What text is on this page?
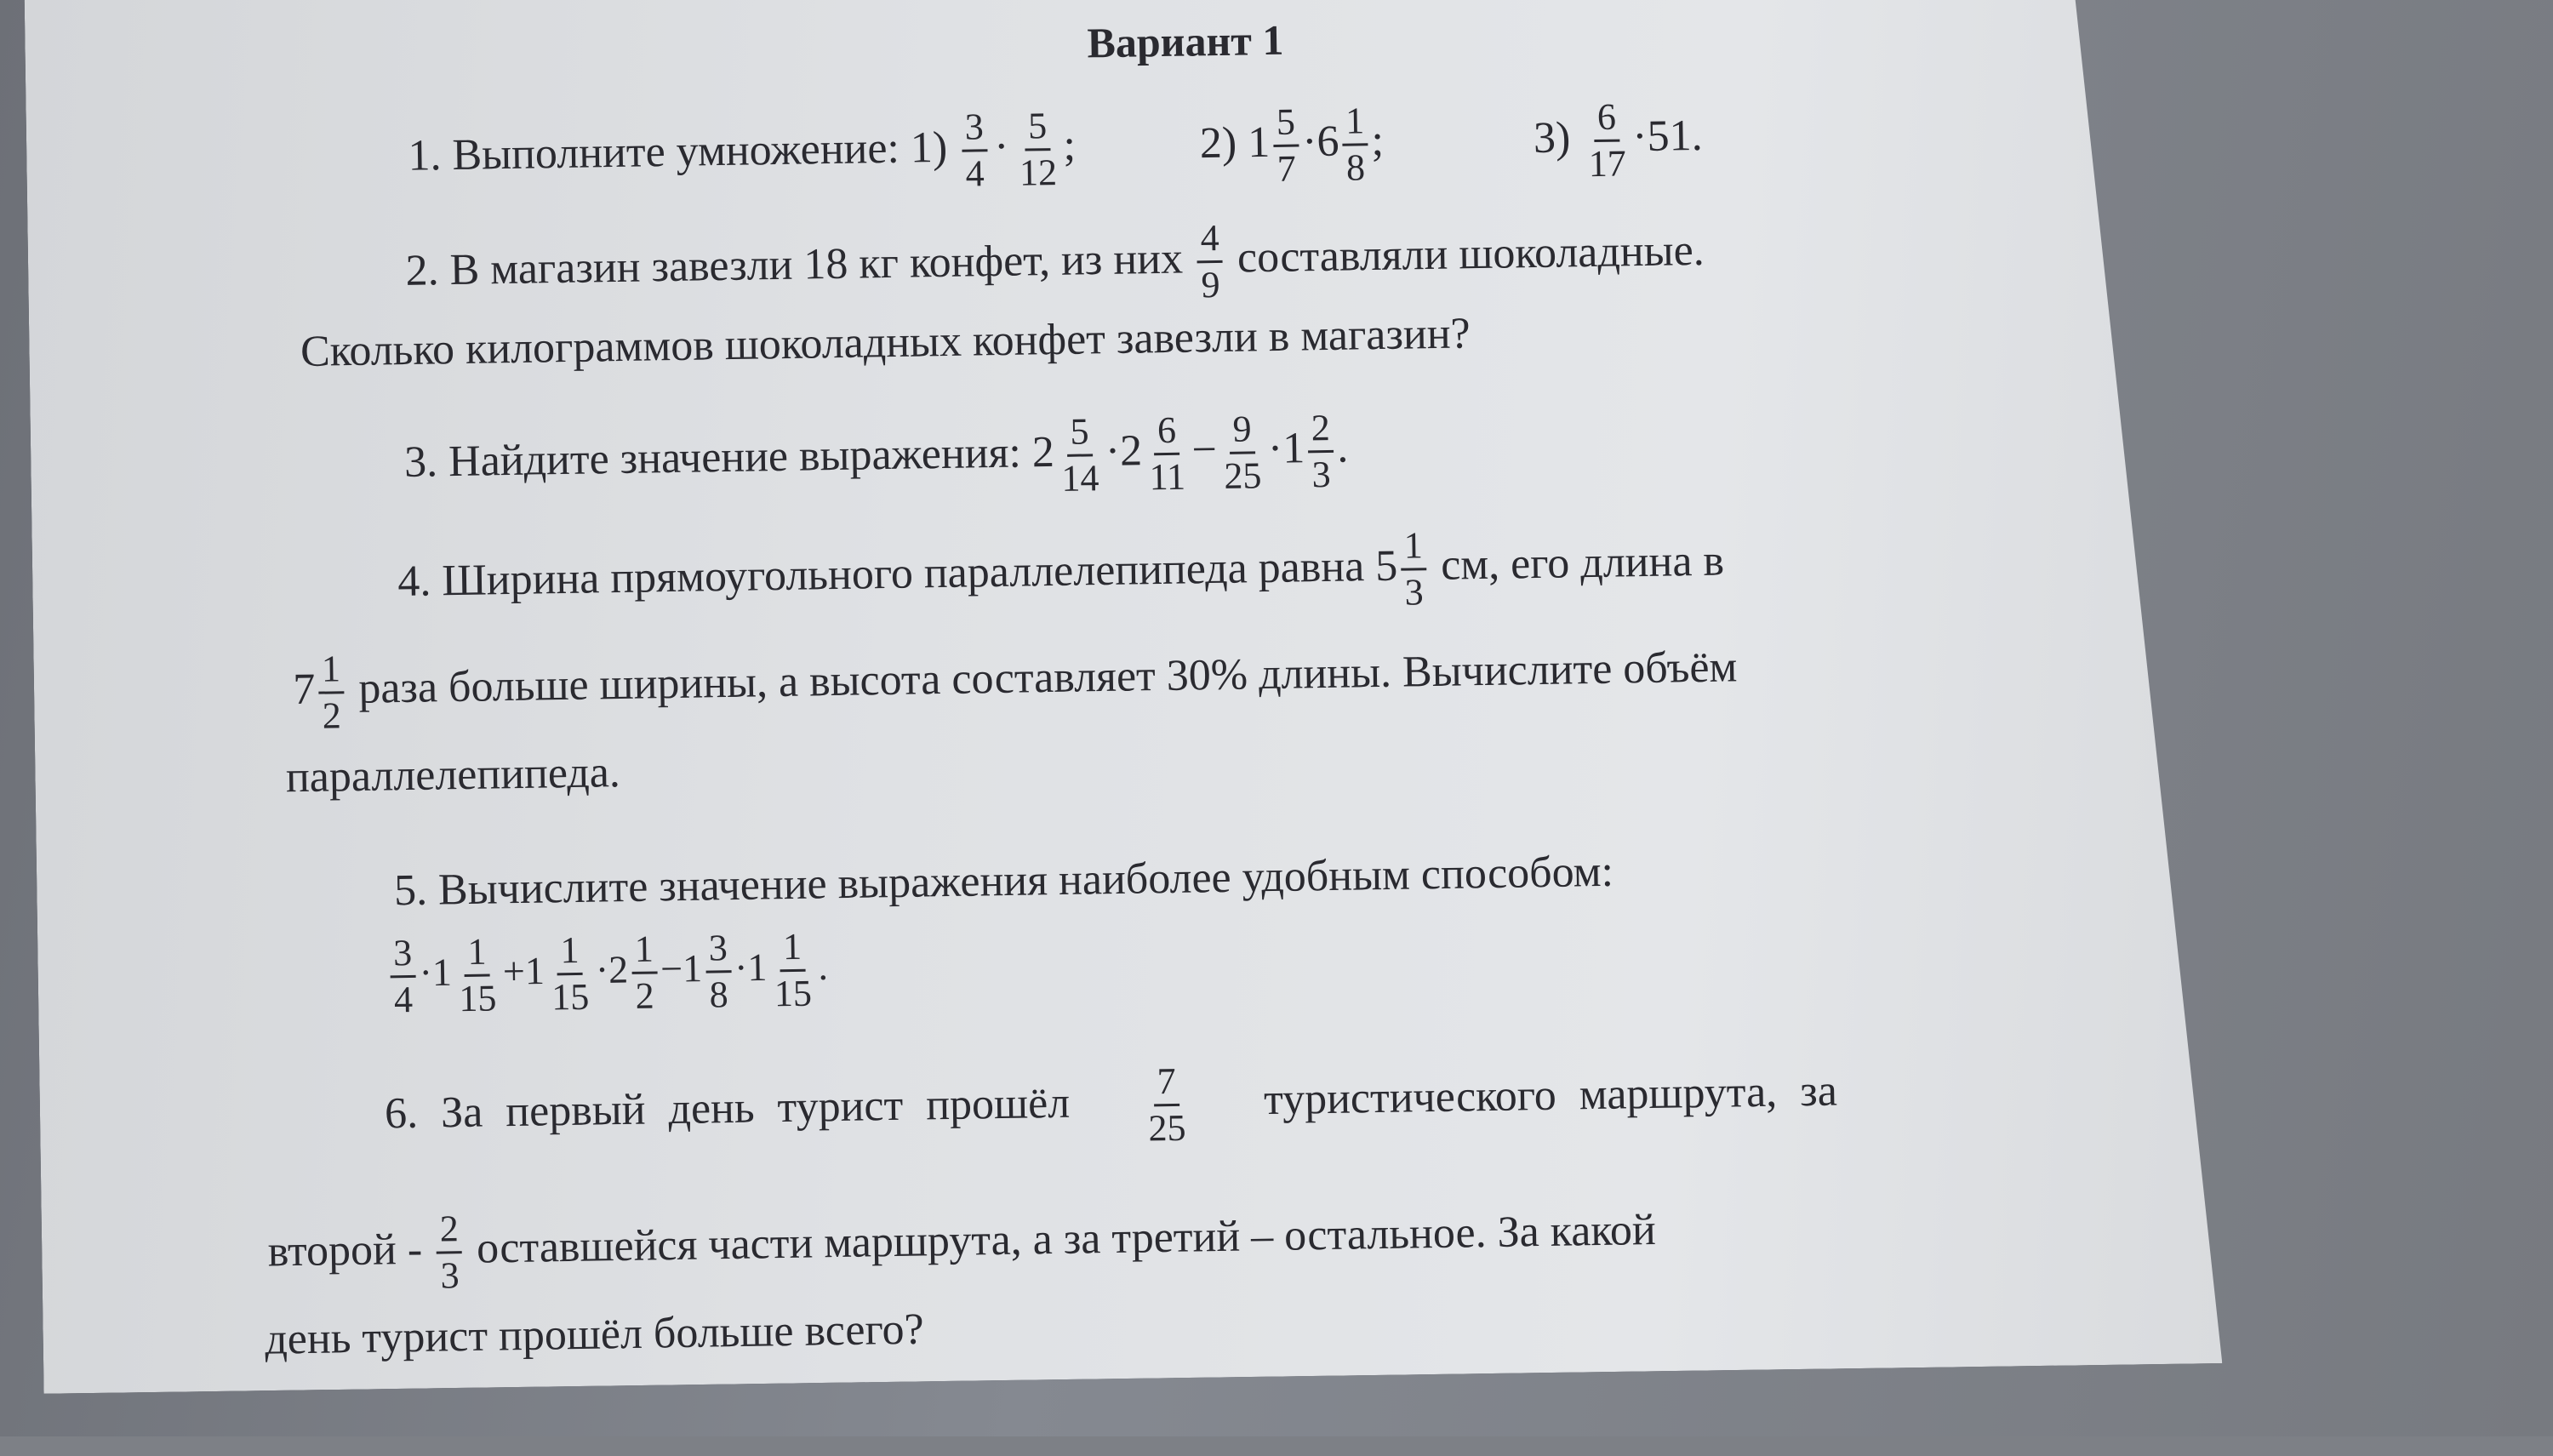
Вариант 1
1. Выполните умножение: $1) \frac{3}{4} \cdot \frac{5}{12}$ ;	2) $1 \frac{5}{7} \cdot 6 \frac{1}{8}$ ;	$3) \frac{6}{17} \cdot 51$.
2. В магазин завезли 18 кг конфет, из них $\frac{4}{9}$ составляли шоколадные.
Сколько килограммов шоколадных конфет завезли в магазин?
3. Найдите значение выражения: $2 \frac{5}{14} \cdot 2 \frac{6}{11} - \frac{9}{25} \cdot 1 \frac{2}{3}$ .
4. Ширина прямоугольного параллелепипеда равна $5 \frac{1}{3}$ см, его длина в
$7 \frac{1}{2}$ раза больше ширины, а высота составляет 30% длины. Вычислите объём
параллелепипеда.
5. Вычислите значение выражения наиболее удобным способом:
$\frac{3}{4} \cdot 1 \frac{1}{15} +1 \frac{1}{15} \cdot 2 \frac{1}{2} -1 \frac{3}{8} \cdot 1 \frac{1}{15}$ .
6. За первый день турист прошёл $\frac{7}{25}$ туристического маршрута, за
второй - $\frac{2}{3}$ оставшейся части маршрута, а за третий – остальное. За какой
день турист прошёл больше всего?
